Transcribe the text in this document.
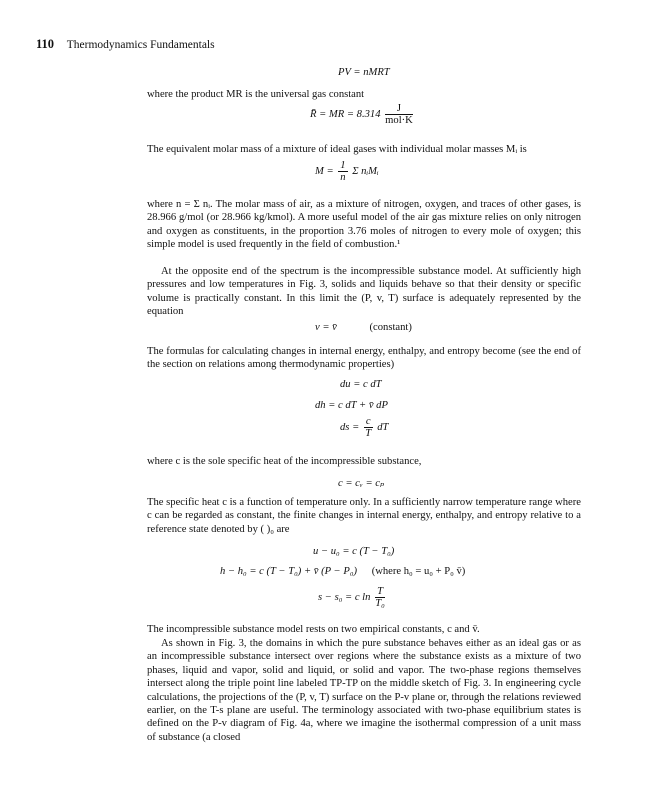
110 Thermodynamics Fundamentals
PV = nMRT
where the product MR is the universal gas constant
R̄ = MR = $8.314 \frac{J}{\text{mol·K}}$
The equivalent molar mass of a mixture of ideal gases with individual molar masses Mᵢ is
$M = \frac{1}{n}$ Σ nᵢMᵢ
where n = Σ nᵢ. The molar mass of air, as a mixture of nitrogen, oxygen, and traces of other gases, is 28.966 g/mol (or 28.966 kg/kmol). A more useful model of the air gas mixture relies on only nitrogen and oxygen as constituents, in the proportion 3.76 moles of nitrogen to every mole of oxygen; this simple model is used frequently in the field of combustion.¹
At the opposite end of the spectrum is the incompressible substance model. At sufficiently high pressures and low temperatures in Fig. 3, solids and liquids behave so that their density or specific volume is practically constant. In this limit the (P, v, T) surface is adequately represented by the equation
v = v̄	(constant)
The formulas for calculating changes in internal energy, enthalpy, and entropy become (see the end of the section on relations among thermodynamic properties)
du = c dT
dh = c dT + v̄ dP
ds = $\frac{c}{T}$ dT
where c is the sole specific heat of the incompressible substance,
c = cᵥ = cₚ
The specific heat c is a function of temperature only. In a sufficiently narrow temperature range where c can be regarded as constant, the finite changes in internal energy, enthalpy, and entropy relative to a reference state denoted by ( )₀ are
u − u₀ = c (T − T₀)
h − h₀ = c (T − T₀) + v̄ (P − P₀) (where h₀ = u₀ + P₀ v̄)
s − s₀ = c $\ln \frac{T}{\text{T₀}}$
The incompressible substance model rests on two empirical constants, c and v̄.
As shown in Fig. 3, the domains in which the pure substance behaves either as an ideal gas or as an incompressible substance intersect over regions where the substance exists as a mixture of two phases, liquid and vapor, solid and liquid, or solid and vapor. The two-phase regions themselves intersect along the triple point line labeled TP-TP on the middle sketch of Fig. 3. In engineering cycle calculations, the projections of the (P, v, T) surface on the P-v plane or, through the relations reviewed earlier, on the T-s plane are useful. The terminology associated with two-phase equilibrium states is defined on the P-v diagram of Fig. 4a, where we imagine the isothermal compression of a unit mass of substance (a closed
